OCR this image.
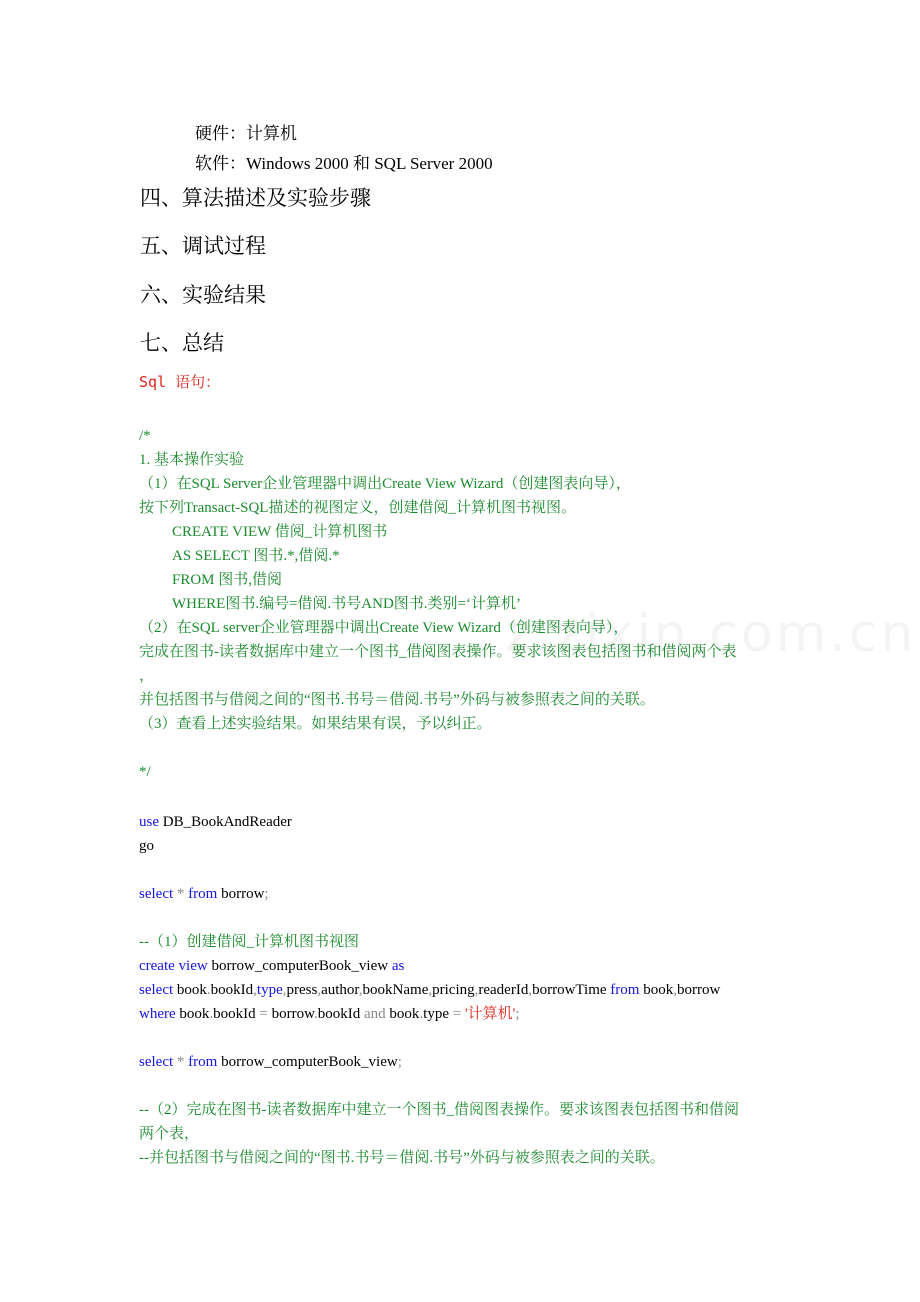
硬件：计算机
软件：Windows 2000 和 SQL Server 2000
四、算法描述及实验步骤
五、调试过程
六、实验结果
七、总结
Sql 语句：
/*
1. 基本操作实验
（1）在SQL Server企业管理器中调出Create View Wizard（创建图表向导），
按下列Transact-SQL描述的视图定义，创建借阅_计算机图书视图。
CREATE VIEW 借阅_计算机图书
AS SELECT 图书.*,借阅.*
FROM 图书,借阅
WHERE图书.编号=借阅.书号AND图书.类别=‘计算机’
（2）在SQL server企业管理器中调出Create View Wizard（创建图表向导），
完成在图书-读者数据库中建立一个图书_借阅图表操作。要求该图表包括图书和借阅两个表
，
并包括图书与借阅之间的“图书.书号＝借阅.书号”外码与被参照表之间的关联。
（3）查看上述实验结果。如果结果有误，予以纠正。
*/
use DB_BookAndReader
go
select * from borrow;
--（1）创建借阅_计算机图书视图
create view borrow_computerBook_view as
select book.bookId,type,press,author,bookName,pricing,readerId,borrowTime from book,borrow
where book.bookId = borrow.bookId and book.type = '计算机';
select * from borrow_computerBook_view;
--（2）完成在图书-读者数据库中建立一个图书_借阅图表操作。要求该图表包括图书和借阅
两个表，
--并包括图书与借阅之间的“图书.书号＝借阅.书号”外码与被参照表之间的关联。
